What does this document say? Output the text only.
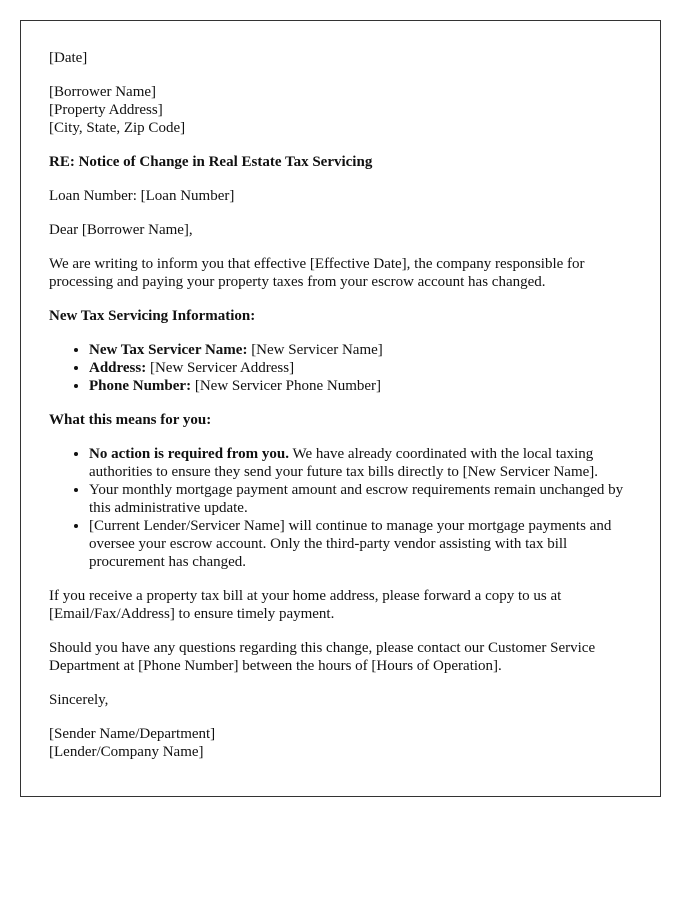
[Date]

[Borrower Name]
[Property Address]
[City, State, Zip Code]

RE: Notice of Change in Real Estate Tax Servicing

Loan Number: [Loan Number]

Dear [Borrower Name],

We are writing to inform you that effective [Effective Date], the company responsible for processing and paying your property taxes from your escrow account has changed.

New Tax Servicing Information:

• New Tax Servicer Name: [New Servicer Name]
• Address: [New Servicer Address]
• Phone Number: [New Servicer Phone Number]

What this means for you:

• No action is required from you. We have already coordinated with the local taxing authorities to ensure they send your future tax bills directly to [New Servicer Name].
• Your monthly mortgage payment amount and escrow requirements remain unchanged by this administrative update.
• [Current Lender/Servicer Name] will continue to manage your mortgage payments and oversee your escrow account. Only the third-party vendor assisting with tax bill procurement has changed.

If you receive a property tax bill at your home address, please forward a copy to us at [Email/Fax/Address] to ensure timely payment.

Should you have any questions regarding this change, please contact our Customer Service Department at [Phone Number] between the hours of [Hours of Operation].

Sincerely,

[Sender Name/Department]
[Lender/Company Name]
